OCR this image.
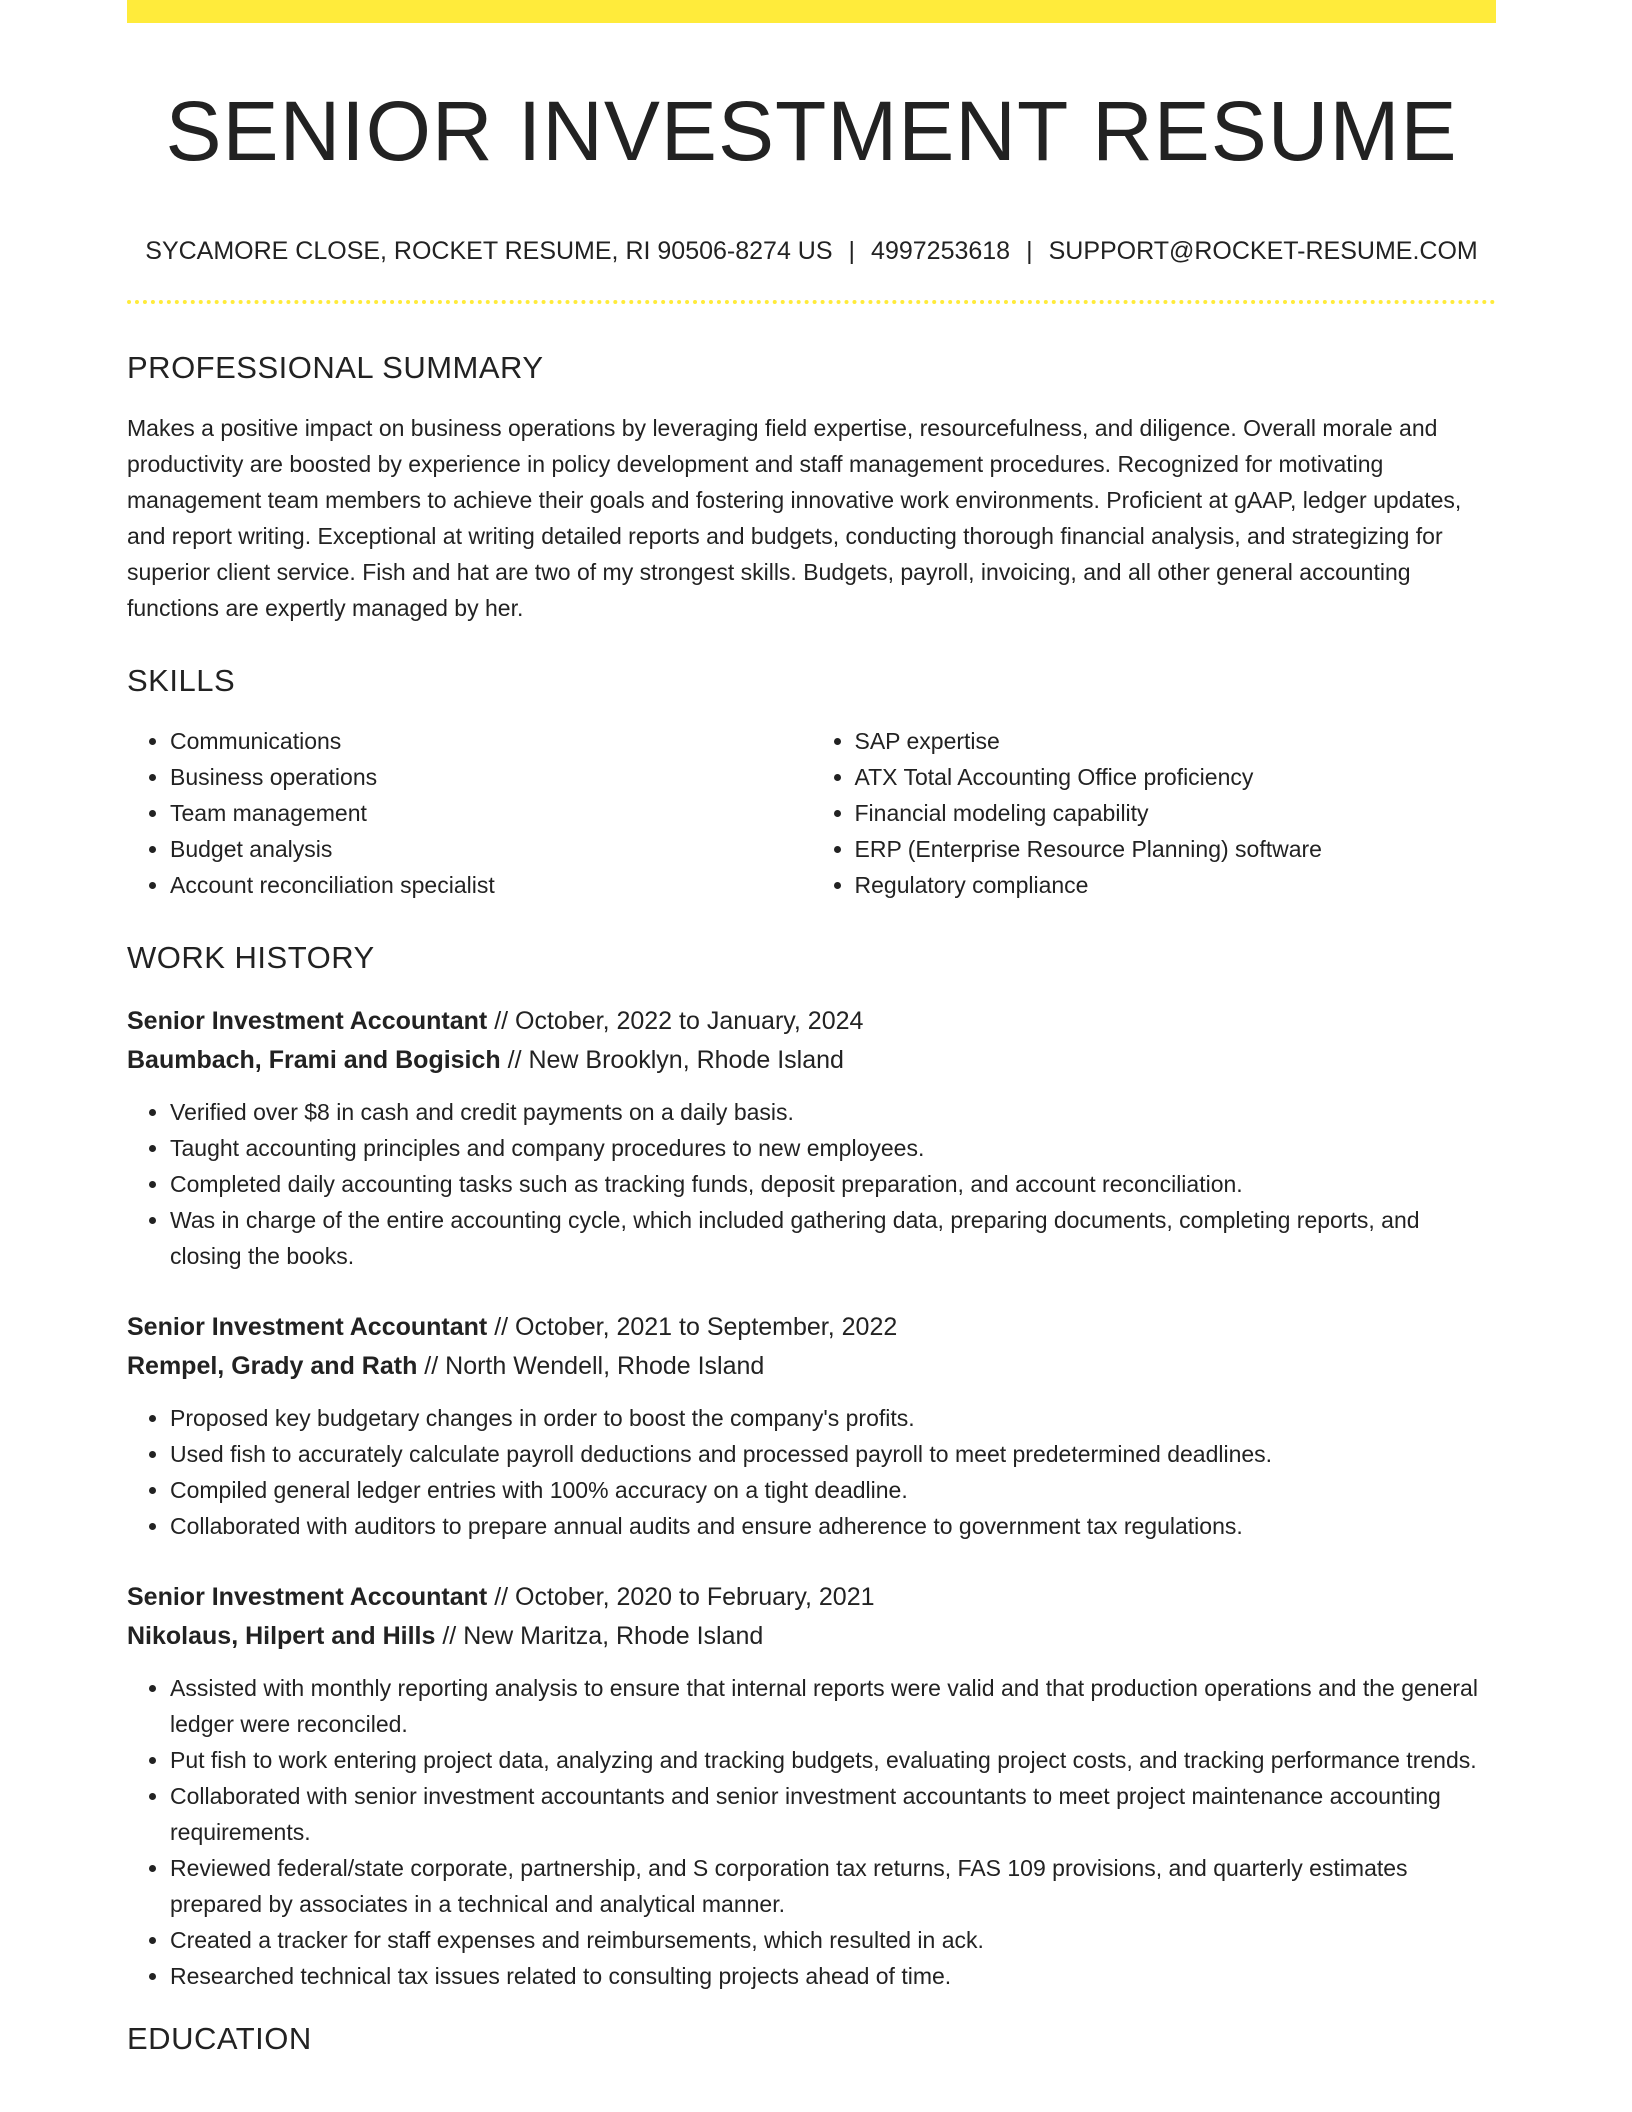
SENIOR INVESTMENT RESUME
SYCAMORE CLOSE, ROCKET RESUME, RI 90506-8274 US | 4997253618 | SUPPORT@ROCKET-RESUME.COM
PROFESSIONAL SUMMARY
Makes a positive impact on business operations by leveraging field expertise, resourcefulness, and diligence. Overall morale and productivity are boosted by experience in policy development and staff management procedures. Recognized for motivating management team members to achieve their goals and fostering innovative work environments. Proficient at gAAP, ledger updates, and report writing. Exceptional at writing detailed reports and budgets, conducting thorough financial analysis, and strategizing for superior client service. Fish and hat are two of my strongest skills. Budgets, payroll, invoicing, and all other general accounting functions are expertly managed by her.
SKILLS
• Communications
• Business operations
• Team management
• Budget analysis
• Account reconciliation specialist
• SAP expertise
• ATX Total Accounting Office proficiency
• Financial modeling capability
• ERP (Enterprise Resource Planning) software
• Regulatory compliance
WORK HISTORY
Senior Investment Accountant // October, 2022 to January, 2024
Baumbach, Frami and Bogisich // New Brooklyn, Rhode Island
• Verified over $8 in cash and credit payments on a daily basis.
• Taught accounting principles and company procedures to new employees.
• Completed daily accounting tasks such as tracking funds, deposit preparation, and account reconciliation.
• Was in charge of the entire accounting cycle, which included gathering data, preparing documents, completing reports, and closing the books.
Senior Investment Accountant // October, 2021 to September, 2022
Rempel, Grady and Rath // North Wendell, Rhode Island
• Proposed key budgetary changes in order to boost the company's profits.
• Used fish to accurately calculate payroll deductions and processed payroll to meet predetermined deadlines.
• Compiled general ledger entries with 100% accuracy on a tight deadline.
• Collaborated with auditors to prepare annual audits and ensure adherence to government tax regulations.
Senior Investment Accountant // October, 2020 to February, 2021
Nikolaus, Hilpert and Hills // New Maritza, Rhode Island
• Assisted with monthly reporting analysis to ensure that internal reports were valid and that production operations and the general ledger were reconciled.
• Put fish to work entering project data, analyzing and tracking budgets, evaluating project costs, and tracking performance trends.
• Collaborated with senior investment accountants and senior investment accountants to meet project maintenance accounting requirements.
• Reviewed federal/state corporate, partnership, and S corporation tax returns, FAS 109 provisions, and quarterly estimates prepared by associates in a technical and analytical manner.
• Created a tracker for staff expenses and reimbursements, which resulted in ack.
• Researched technical tax issues related to consulting projects ahead of time.
EDUCATION
